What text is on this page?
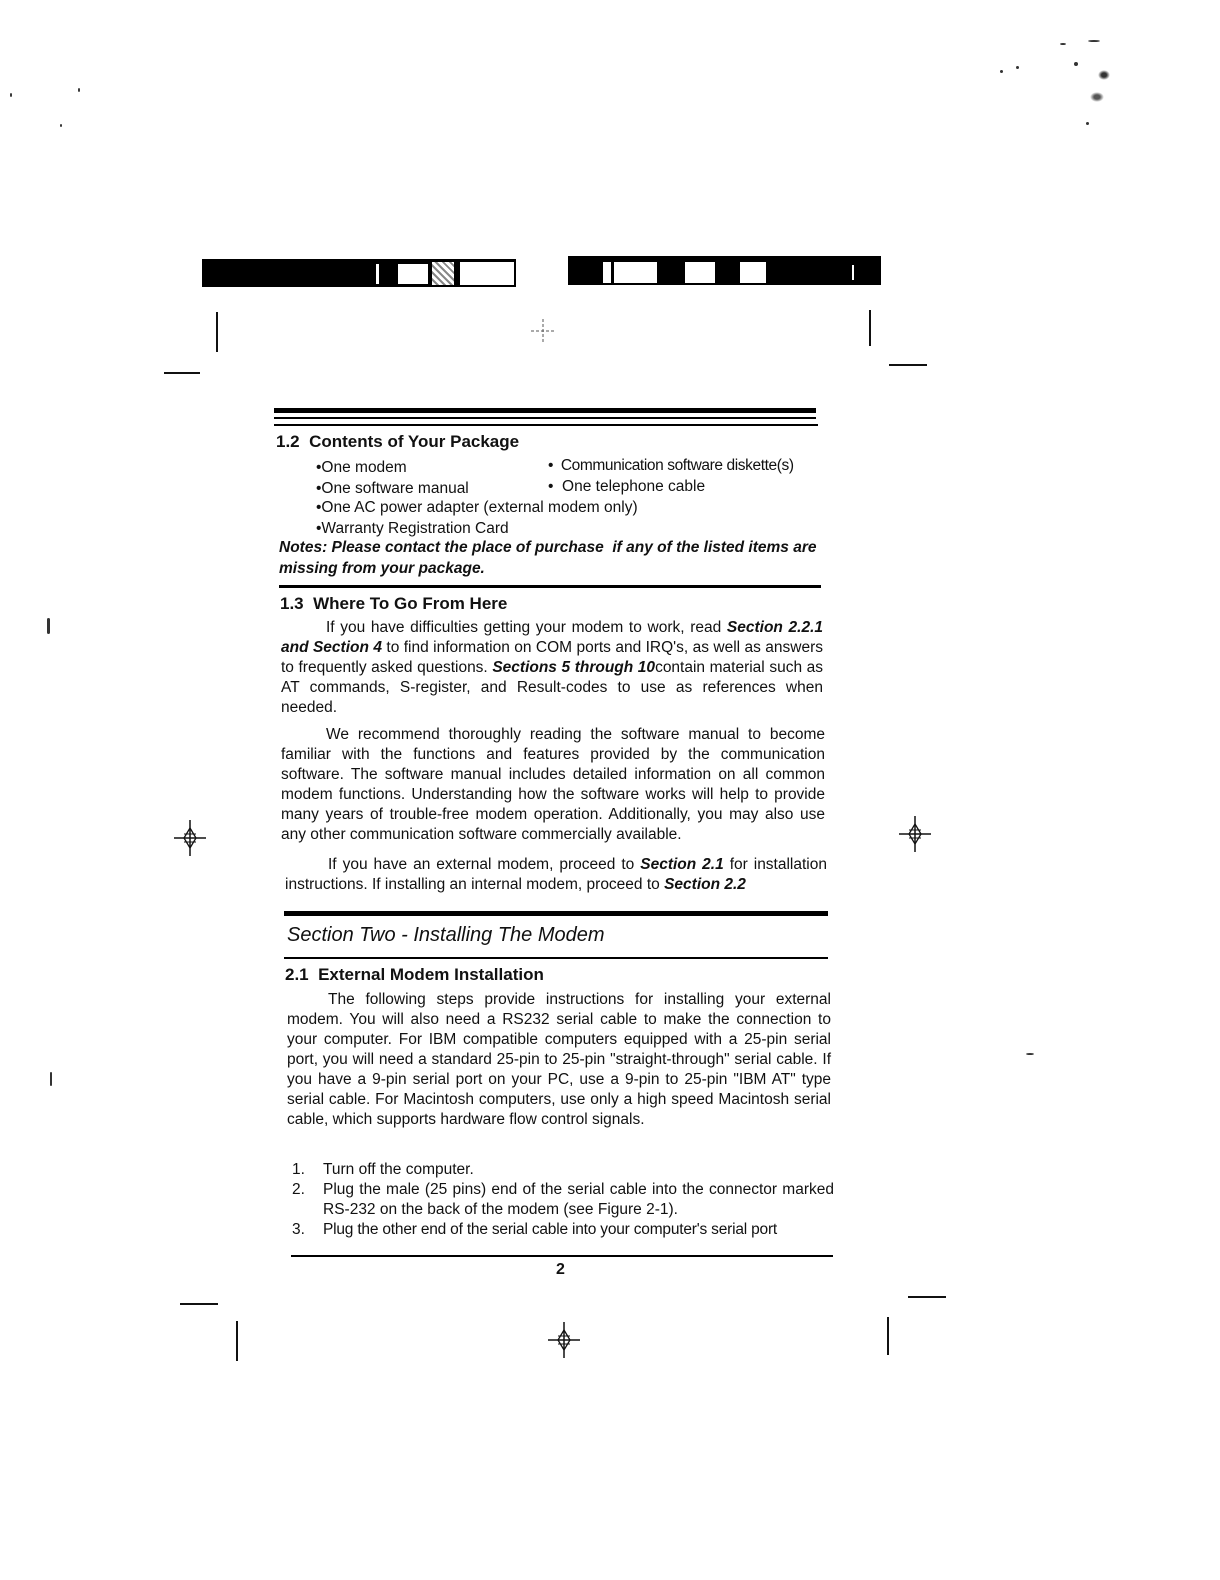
1.2  Contents of Your Package
•One modem	•  Communication software diskette(s)
•One software manual	•  One telephone cable
•One AC power adapter (external modem only)
•Warranty Registration Card
Notes: Please contact the place of purchase  if any of the listed items are missing from your package.
1.3  Where To Go From Here
If you have difficulties getting your modem to work, read Section 2.2.1 and Section 4 to find information on COM ports and IRQ's, as well as answers to frequently asked questions. Sections 5 through 10contain material such as AT commands, S-register, and Result-codes to use as references when needed.
We recommend thoroughly reading the software manual to become familiar with the functions and features provided by the communication software. The software manual includes detailed information on all common modem functions. Understanding how the software works will help to provide many years of trouble-free modem operation. Additionally, you may also use any other communication software commercially available.
If you have an external modem, proceed to Section 2.1 for installation instructions. If installing an internal modem, proceed to Section 2.2
Section Two - Installing The Modem
2.1  External Modem Installation
The following steps provide instructions for installing your external modem. You will also need a RS232 serial cable to make the connection to your computer. For IBM compatible computers equipped with a 25-pin serial port, you will need a standard 25-pin to 25-pin "straight-through" serial cable. If you have a 9-pin serial port on your PC, use a 9-pin to 25-pin "IBM AT" type serial cable. For Macintosh computers, use only a high speed Macintosh serial cable, which supports hardware flow control signals.
1. Turn off the computer.
2. Plug the male (25 pins) end of the serial cable into the connector marked RS-232 on the back of the modem (see Figure 2-1).
3. Plug the other end of the serial cable into your computer's serial port
2
